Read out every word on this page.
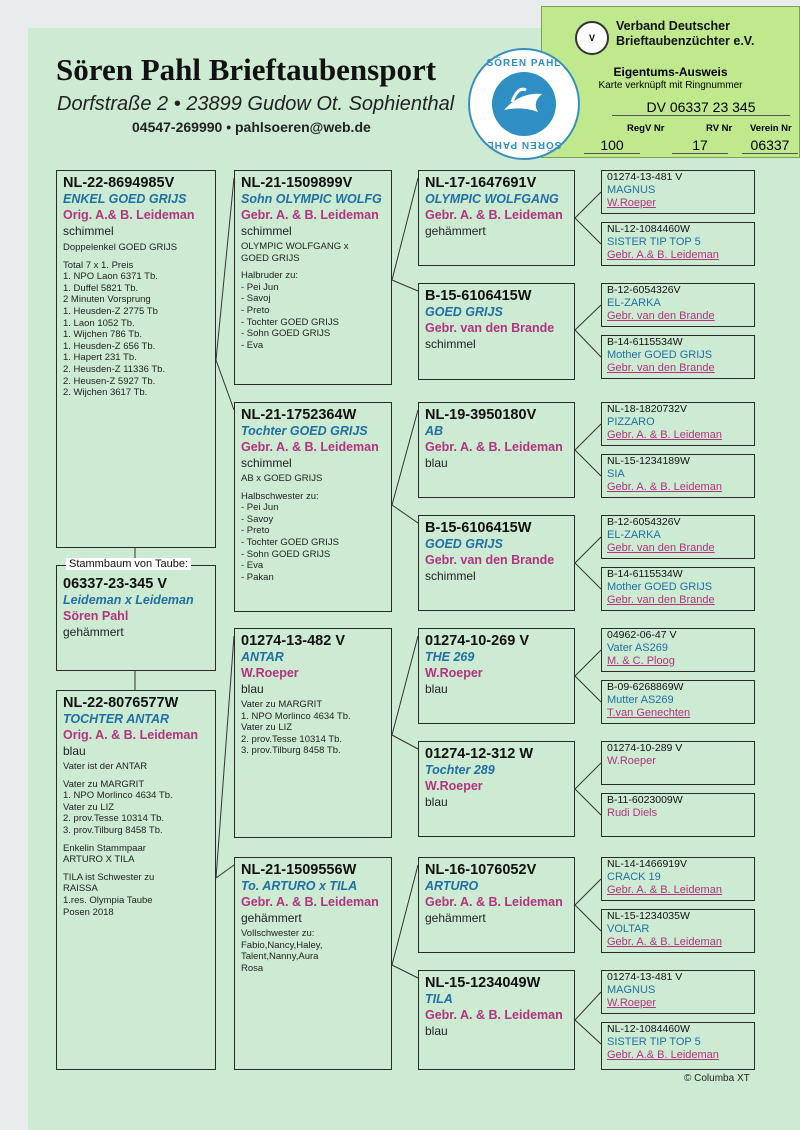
Sören Pahl Brieftaubensport
Dorfstraße 2 • 23899 Gudow Ot. Sophienthal
04547-269990 • pahlsoeren@web.de
V
Verband Deutscher
Brieftaubenzüchter e.V.
Eigentums-Ausweis
Karte verknüpft mit Ringnummer
DV 06337 23 345
RegV Nr	RV Nr Verein Nr
100	17	06337
SÖREN PAHL
SÖREN PAHL
NL-22-8694985V
ENKEL GOED GRIJS
Orig. A.& B. Leideman
schimmel
Doppelenkel GOED GRIJS
Total 7 x 1. Preis
1. NPO Laon 6371 Tb.
1. Duffel 5821 Tb.
2 Minuten Vorsprung
1. Heusden-Z 2775 Tb
1. Laon 1052 Tb.
1. Wijchen 786 Tb.
1. Heusden-Z 656 Tb.
1. Hapert 231 Tb.
2. Heusden-Z 11336 Tb.
2. Heusen-Z 5927 Tb.
2. Wijchen 3617 Tb.
Stammbaum von Taube:
06337-23-345 V
Leideman x Leideman
Sören Pahl
gehämmert
NL-22-8076577W
TOCHTER ANTAR
Orig. A. & B. Leideman
blau
Vater ist der ANTAR
Vater zu MARGRIT
1. NPO Morlinco 4634 Tb.
Vater zu LIZ
2. prov.Tesse 10314 Tb.
3. prov.Tilburg 8458 Tb.
Enkelin Stammpaar
ARTURO X TILA
TILA ist Schwester zu
RAISSA
1.res. Olympia Taube
Posen 2018
NL-21-1509899V
Sohn OLYMPIC WOLFG
Gebr. A. & B. Leideman
schimmel
OLYMPIC WOLFGANG x
GOED GRIJS
Halbruder zu:
- Pei Jun
- Savoj
- Preto
- Tochter GOED GRIJS
- Sohn GOED GRIJS
- Eva
NL-21-1752364W
Tochter GOED GRIJS
Gebr. A. & B. Leideman
schimmel
AB x GOED GRIJS
Halbschwester zu:
- Pei Jun
- Savoy
- Preto
- Tochter GOED GRIJS
- Sohn GOED GRIJS
- Eva
- Pakan
01274-13-482 V
ANTAR
W.Roeper
blau
Vater zu MARGRIT
1. NPO Morlinco 4634 Tb.
Vater zu LIZ
2. prov.Tesse 10314 Tb.
3. prov.Tilburg 8458 Tb.
NL-21-1509556W
To. ARTURO x TILA
Gebr. A. & B. Leideman
gehämmert
Vollschwester zu:
Fabio,Nancy,Haley,
Talent,Nanny,Aura
Rosa
NL-17-1647691V
OLYMPIC WOLFGANG
Gebr. A. & B. Leideman
gehämmert
B-15-6106415W
GOED GRIJS
Gebr. van den Brande
schimmel
NL-19-3950180V
AB
Gebr. A. & B. Leideman
blau
B-15-6106415W
GOED GRIJS
Gebr. van den Brande
schimmel
01274-10-269 V
THE 269
W.Roeper
blau
01274-12-312 W
Tochter 289
W.Roeper
blau
NL-16-1076052V
ARTURO
Gebr. A. & B. Leideman
gehämmert
NL-15-1234049W
TILA
Gebr. A. & B. Leideman
blau
01274-13-481 V
MAGNUS
W.Roeper
NL-12-1084460W
SISTER TIP TOP 5
Gebr. A.& B. Leideman
B-12-6054326V
EL-ZARKA
Gebr. van den Brande
B-14-6115534W
Mother GOED GRIJS
Gebr. van den Brande
NL-18-1820732V
PIZZARO
Gebr. A. & B. Leideman
NL-15-1234189W
SIA
Gebr. A. & B. Leideman
B-12-6054326V
EL-ZARKA
Gebr. van den Brande
B-14-6115534W
Mother GOED GRIJS
Gebr. van den Brande
04962-06-47 V
Vater AS269
M. & C. Ploog
B-09-6268869W
Mutter AS269
T.van Genechten
01274-10-289 V
W.Roeper
B-11-6023009W
Rudi Diels
NL-14-1466919V
CRACK 19
Gebr. A. & B. Leideman
NL-15-1234035W
VOLTAR
Gebr. A. & B. Leideman
01274-13-481 V
MAGNUS
W.Roeper
NL-12-1084460W
SISTER TIP TOP 5
Gebr. A.& B. Leideman
© Columba XT
